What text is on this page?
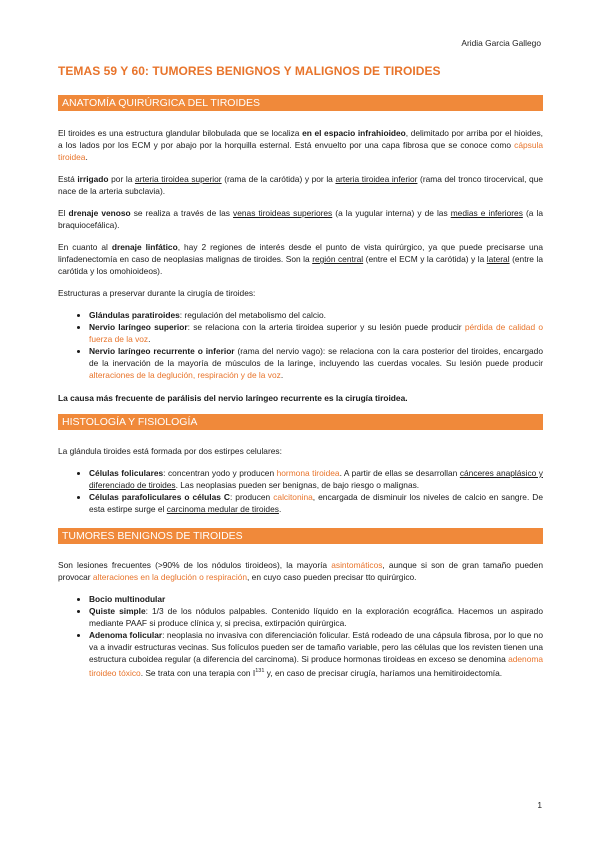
Aridia Garcia Gallego
TEMAS 59 Y 60: TUMORES BENIGNOS Y MALIGNOS DE TIROIDES
ANATOMÍA QUIRÚRGICA DEL TIROIDES

El tiroides es una estructura glandular bilobulada que se localiza en el espacio infrahioideo, delimitado por arriba por el hioides, a los lados por los ECM y por abajo por la horquilla esternal. Está envuelto por una capa fibrosa que se conoce como cápsula tiroidea.

Está irrigado por la arteria tiroidea superior (rama de la carótida) y por la arteria tiroidea inferior (rama del tronco tirocervical, que nace de la arteria subclavia).

El drenaje venoso se realiza a través de las venas tiroideas superiores (a la yugular interna) y de las medias e inferiores (a la braquiocefálica).

En cuanto al drenaje linfático, hay 2 regiones de interés desde el punto de vista quirúrgico, ya que puede precisarse una linfadenectomía en caso de neoplasias malignas de tiroides. Son la región central (entre el ECM y la carótida) y la lateral (entre la carótida y los omohioideos).

Estructuras a preservar durante la cirugía de tiroides:

• Glándulas paratiroides: regulación del metabolismo del calcio.
• Nervio laríngeo superior: se relaciona con la arteria tiroidea superior y su lesión puede producir pérdida de calidad o fuerza de la voz.
• Nervio laríngeo recurrente o inferior (rama del nervio vago): se relaciona con la cara posterior del tiroides, encargado de la inervación de la mayoría de músculos de la laringe, incluyendo las cuerdas vocales. Su lesión puede producir alteraciones de la deglución, respiración y de la voz.

La causa más frecuente de parálisis del nervio laríngeo recurrente es la cirugía tiroidea.

HISTOLOGÍA Y FISIOLOGÍA

La glándula tiroides está formada por dos estirpes celulares:

• Células foliculares: concentran yodo y producen hormona tiroidea. A partir de ellas se desarrollan cánceres anaplásico y diferenciado de tiroides. Las neoplasias pueden ser benignas, de bajo riesgo o malignas.
• Células parafoliculares o células C: producen calcitonina, encargada de disminuir los niveles de calcio en sangre. De esta estirpe surge el carcinoma medular de tiroides.
TUMORES BENIGNOS DE TIROIDES

Son lesiones frecuentes (>90% de los nódulos tiroideos), la mayoría asintomáticos, aunque si son de gran tamaño pueden provocar alteraciones en la deglución o respiración, en cuyo caso pueden precisar tto quirúrgico.

• Bocio multinodular
• Quiste simple: 1/3 de los nódulos palpables. Contenido líquido en la exploración ecográfica. Hacemos un aspirado mediante PAAF si produce clínica y, si precisa, extirpación quirúrgica.
• Adenoma folicular: neoplasia no invasiva con diferenciación folicular. Está rodeado de una cápsula fibrosa, por lo que no va a invadir estructuras vecinas. Sus folículos pueden ser de tamaño variable, pero las células que los revisten tienen una estructura cuboidea regular (a diferencia del carcinoma). Si produce hormonas tiroideas en exceso se denomina adenoma tiroideo tóxico. Se trata con una terapia con $I^{131}$ y, en caso de precisar cirugía, haríamos una hemitiroidectomía.
1
